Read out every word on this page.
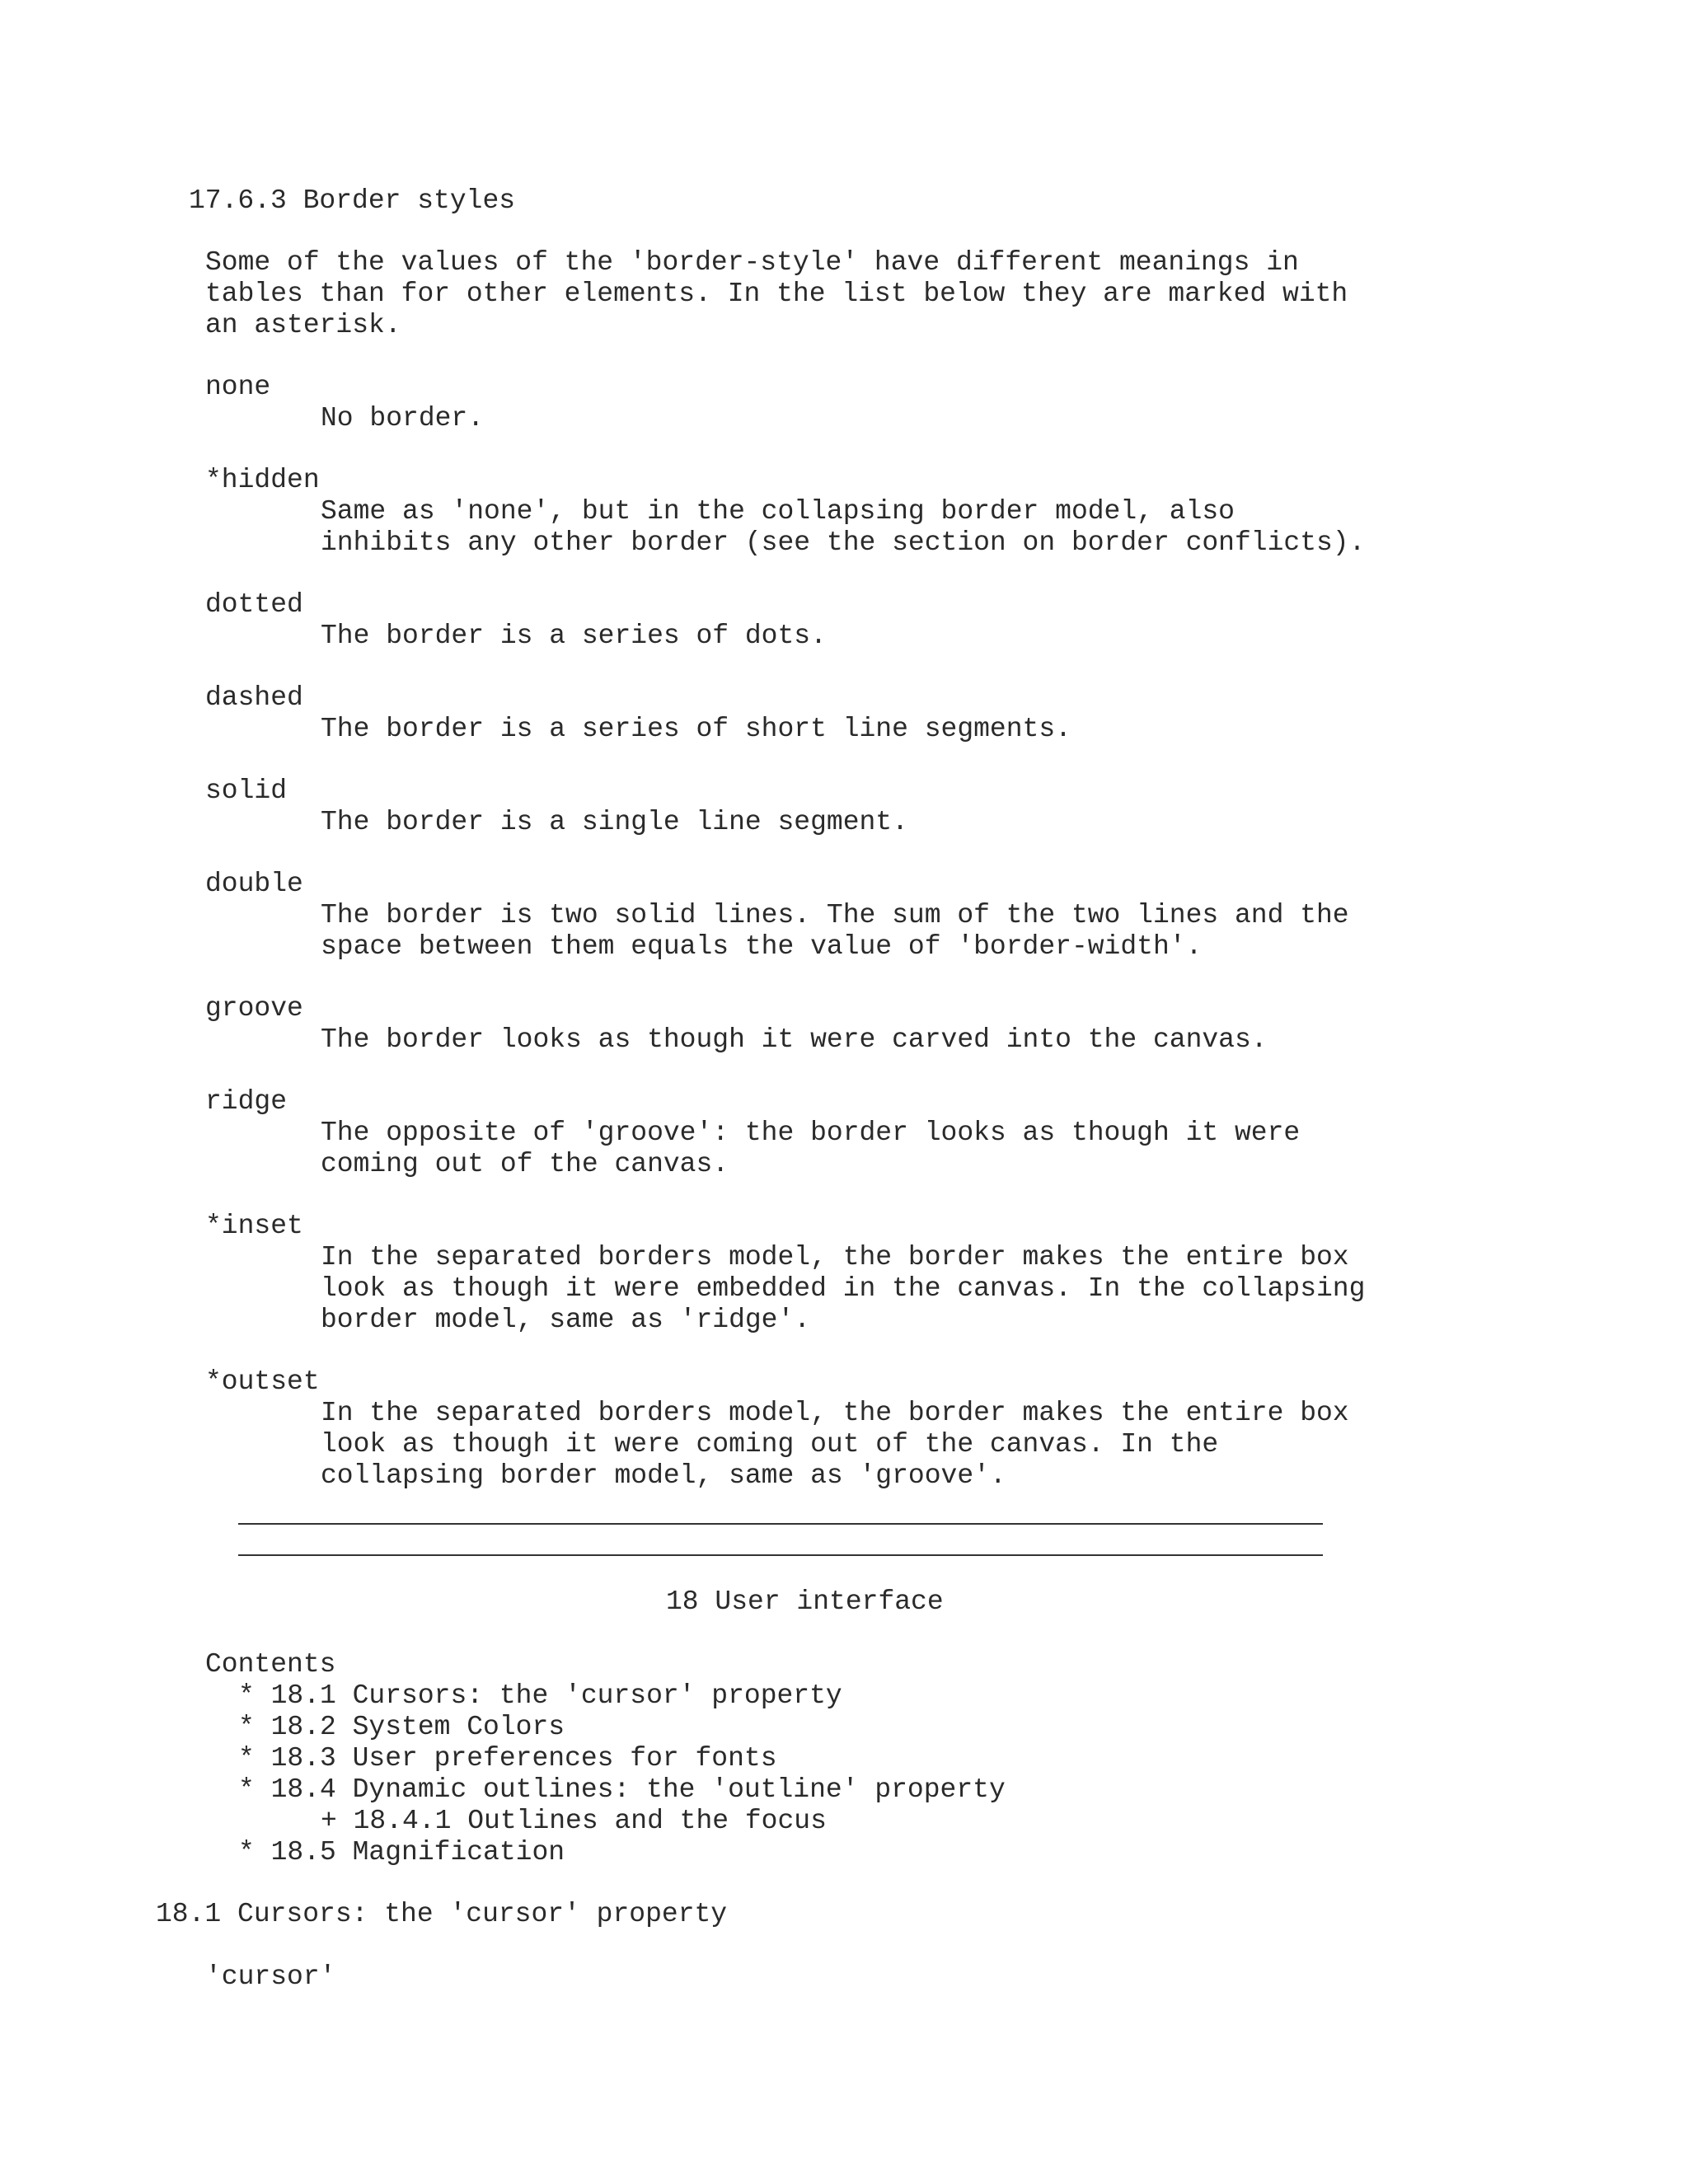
17.6.3 Border styles
Some of the values of the 'border-style' have different meanings in
tables than for other elements. In the list below they are marked with
an asterisk.
none
No border.
*hidden
Same as 'none', but in the collapsing border model, also
inhibits any other border (see the section on border conflicts).
dotted
The border is a series of dots.
dashed
The border is a series of short line segments.
solid
The border is a single line segment.
double
The border is two solid lines. The sum of the two lines and the
space between them equals the value of 'border-width'.
groove
The border looks as though it were carved into the canvas.
ridge
The opposite of 'groove': the border looks as though it were
coming out of the canvas.
*inset
In the separated borders model, the border makes the entire box
look as though it were embedded in the canvas. In the collapsing
border model, same as 'ridge'.
*outset
In the separated borders model, the border makes the entire box
look as though it were coming out of the canvas. In the
collapsing border model, same as 'groove'.
18 User interface
Contents
* 18.1 Cursors: the 'cursor' property
* 18.2 System Colors
* 18.3 User preferences for fonts
* 18.4 Dynamic outlines: the 'outline' property
+ 18.4.1 Outlines and the focus
* 18.5 Magnification
18.1 Cursors: the 'cursor' property
'cursor'
